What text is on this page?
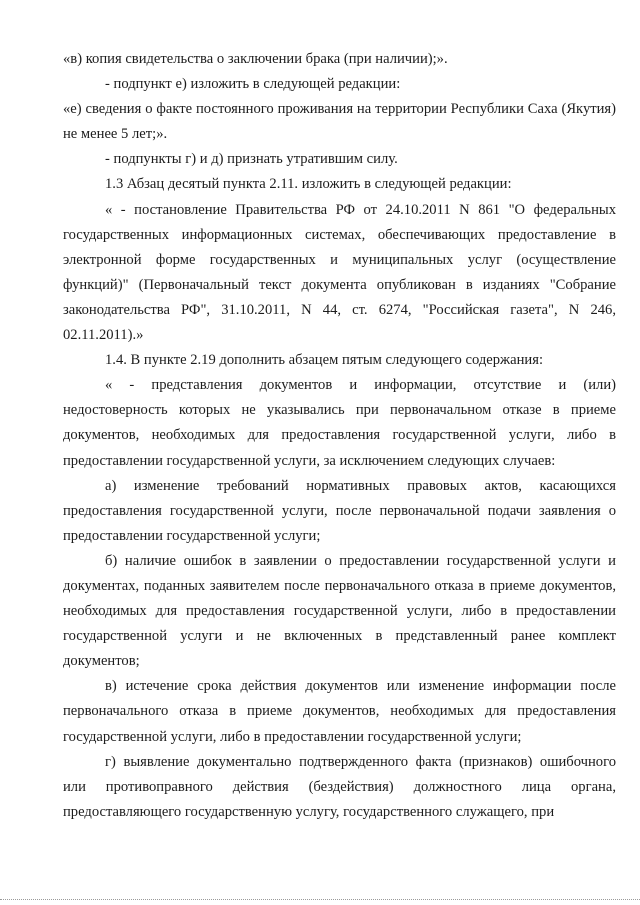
«в) копия свидетельства о заключении брака (при наличии);».

- подпункт е) изложить в следующей редакции:

«е) сведения о факте постоянного проживания на территории Республики Саха (Якутия) не менее 5 лет;».

- подпункты г) и д) признать утратившим силу.

1.3 Абзац десятый пункта 2.11. изложить в следующей редакции:

« - постановление Правительства РФ от 24.10.2011 N 861 "О федеральных государственных информационных системах, обеспечивающих предоставление в электронной форме государственных и муниципальных услуг (осуществление функций)" (Первоначальный текст документа опубликован в изданиях "Собрание законодательства РФ", 31.10.2011, N 44, ст. 6274, "Российская газета", N 246, 02.11.2011).»

1.4. В пункте 2.19 дополнить абзацем пятым следующего содержания:

« - представления документов и информации, отсутствие и (или) недостоверность которых не указывались при первоначальном отказе в приеме документов, необходимых для предоставления государственной услуги, либо в предоставлении государственной услуги, за исключением следующих случаев:

а) изменение требований нормативных правовых актов, касающихся предоставления государственной услуги, после первоначальной подачи заявления о предоставлении государственной услуги;

б) наличие ошибок в заявлении о предоставлении государственной услуги и документах, поданных заявителем после первоначального отказа в приеме документов, необходимых для предоставления государственной услуги, либо в предоставлении государственной услуги и не включенных в представленный ранее комплект документов;

в) истечение срока действия документов или изменение информации после первоначального отказа в приеме документов, необходимых для предоставления государственной услуги, либо в предоставлении государственной услуги;

г) выявление документально подтвержденного факта (признаков) ошибочного или противоправного действия (бездействия) должностного лица органа, предоставляющего государственную услугу, государственного служащего, при
